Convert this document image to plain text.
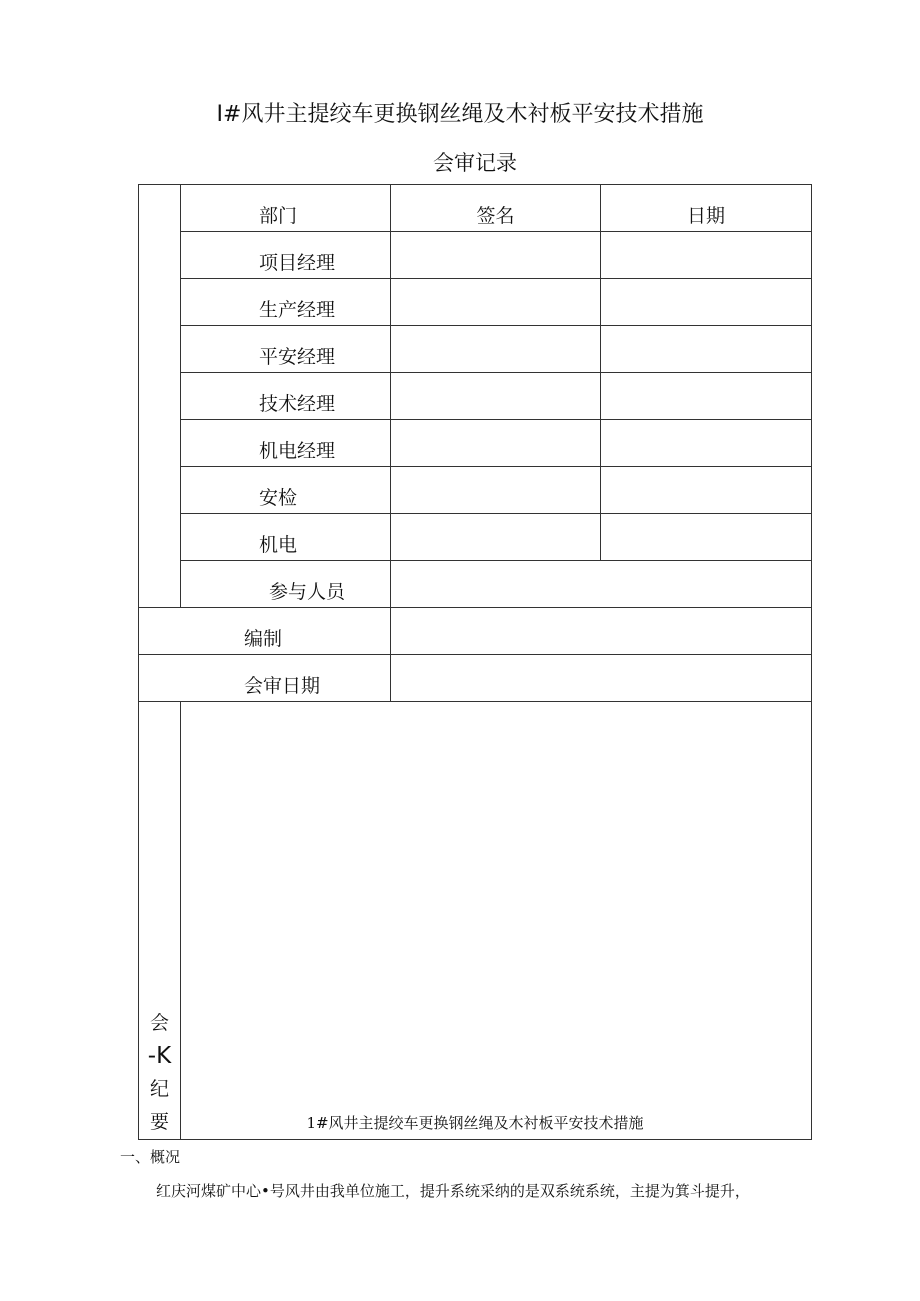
I#风井主提绞车更换钢丝绳及木衬板平安技术措施
会审记录
	部门	签名	日期
	项目经理		
	生产经理		
	平安经理		
	技术经理		
	机电经理		
	安检		
	机电		
	参与人员		
编制			
会审日期			

会
-K
纪
要			
		1#风井主提绞车更换钢丝绳及木衬板平安技术措施
一、概况
红庆河煤矿中心•号风井由我单位施工，提升系统采纳的是双系统系统，主提为箕斗提升，
